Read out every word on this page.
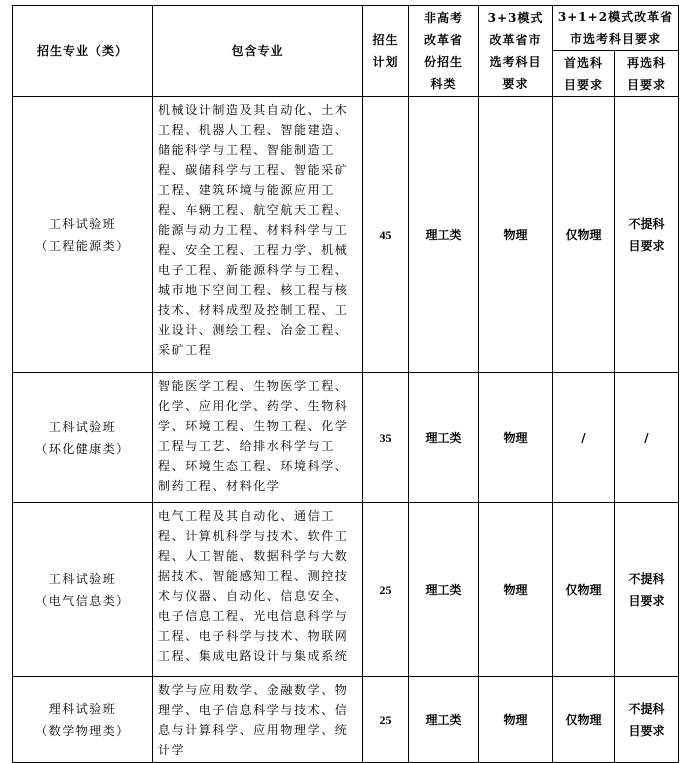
招生专业（类）	包含专业	招生计划	非高考改革省份招生科类	3+3模式改革省市选考科目要求	3+1+2模式改革省市选考科目要求	
					首选科目要求	再选科目要求

工科试验班
（工程能源类）	机械设计制造及其自动化、土木工程、机器人工程、智能建造、储能科学与工程、智能制造工程、碳储科学与工程、智能采矿工程、建筑环境与能源应用工程、车辆工程、航空航天工程、能源与动力工程、材料科学与工程、安全工程、工程力学、机械电子工程、新能源科学与工程、城市地下空间工程、核工程与核技术、材料成型及控制工程、工业设计、测绘工程、冶金工程、采矿工程	45	理工类	物理	仅物理	不提科目要求

工科试验班
（环化健康类）	智能医学工程、生物医学工程、化学、应用化学、药学、生物科学、环境工程、生物工程、化学工程与工艺、给排水科学与工程、环境生态工程、环境科学、制药工程、材料化学	35	理工类	物理	/	/

工科试验班
（电气信息类）	电气工程及其自动化、通信工程、计算机科学与技术、软件工程、人工智能、数据科学与大数据技术、智能感知工程、测控技术与仪器、自动化、信息安全、电子信息工程、光电信息科学与工程、电子科学与技术、物联网工程、集成电路设计与集成系统	25	理工类	物理	仅物理	不提科目要求

理科试验班
（数学物理类）	数学与应用数学、金融数学、物理学、电子信息科学与技术、信息与计算科学、应用物理学、统计学	25	理工类	物理	仅物理	不提科目要求
